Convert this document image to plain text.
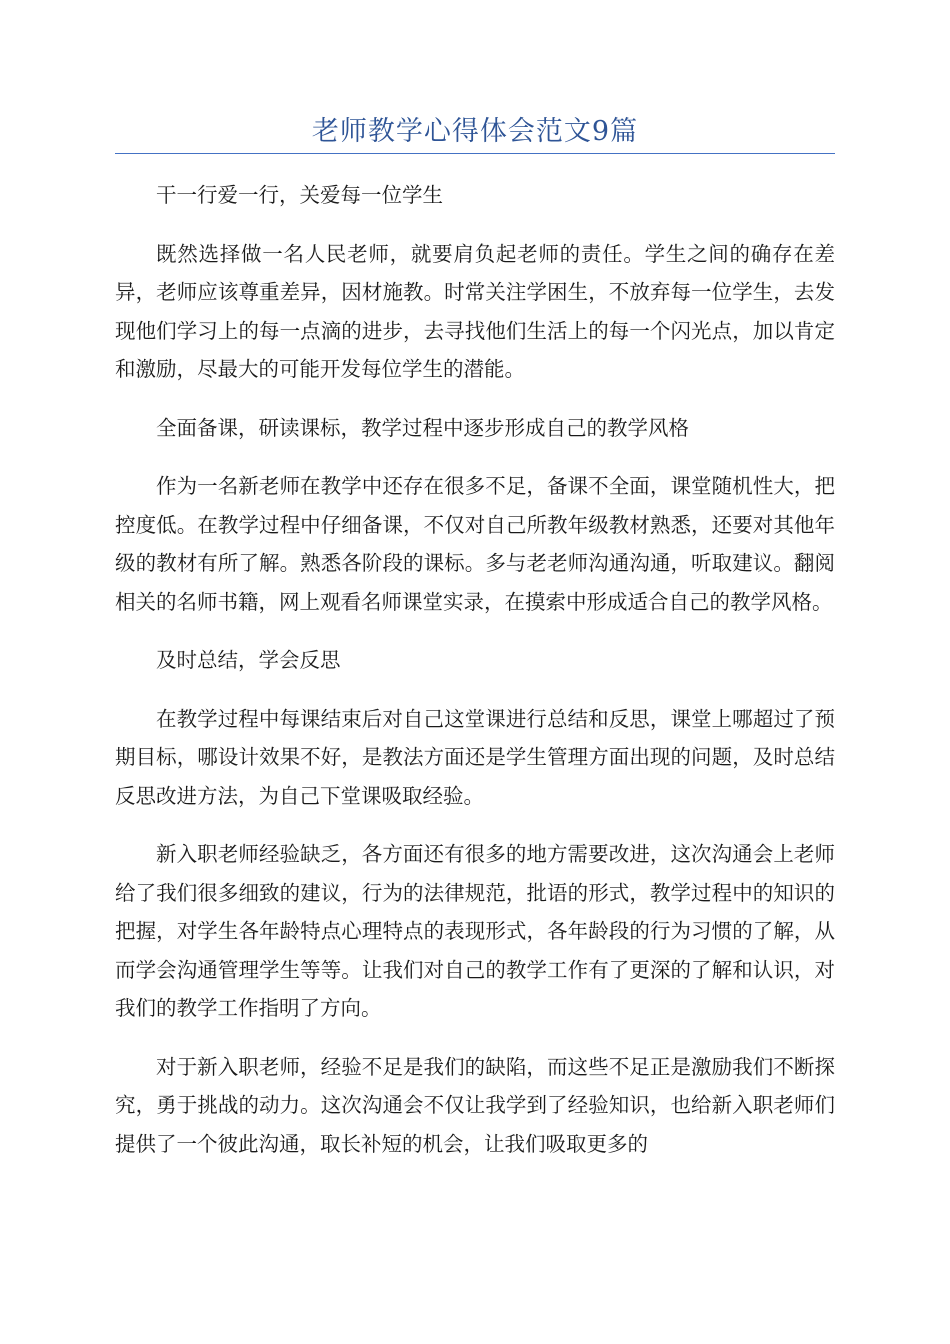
老师教学心得体会范文9篇

干一行爱一行，关爱每一位学生

既然选择做一名人民老师，就要肩负起老师的责任。学生之间的确存在差异，老师应该尊重差异，因材施教。时常关注学困生，不放弃每一位学生，去发现他们学习上的每一点滴的进步，去寻找他们生活上的每一个闪光点，加以肯定和激励，尽最大的可能开发每位学生的潜能。

全面备课，研读课标，教学过程中逐步形成自己的教学风格

作为一名新老师在教学中还存在很多不足，备课不全面，课堂随机性大，把控度低。在教学过程中仔细备课，不仅对自己所教年级教材熟悉，还要对其他年级的教材有所了解。熟悉各阶段的课标。多与老老师沟通沟通，听取建议。翻阅相关的名师书籍，网上观看名师课堂实录，在摸索中形成适合自己的教学风格。

及时总结，学会反思

在教学过程中每课结束后对自己这堂课进行总结和反思，课堂上哪超过了预期目标，哪设计效果不好，是教法方面还是学生管理方面出现的问题，及时总结反思改进方法，为自己下堂课吸取经验。

新入职老师经验缺乏，各方面还有很多的地方需要改进，这次沟通会上老师给了我们很多细致的建议，行为的法律规范，批语的形式，教学过程中的知识的把握，对学生各年龄特点心理特点的表现形式，各年龄段的行为习惯的了解，从而学会沟通管理学生等等。让我们对自己的教学工作有了更深的了解和认识，对我们的教学工作指明了方向。

对于新入职老师，经验不足是我们的缺陷，而这些不足正是激励我们不断探究，勇于挑战的动力。这次沟通会不仅让我学到了经验知识，也给新入职老师们提供了一个彼此沟通，取长补短的机会，让我们吸取更多的
